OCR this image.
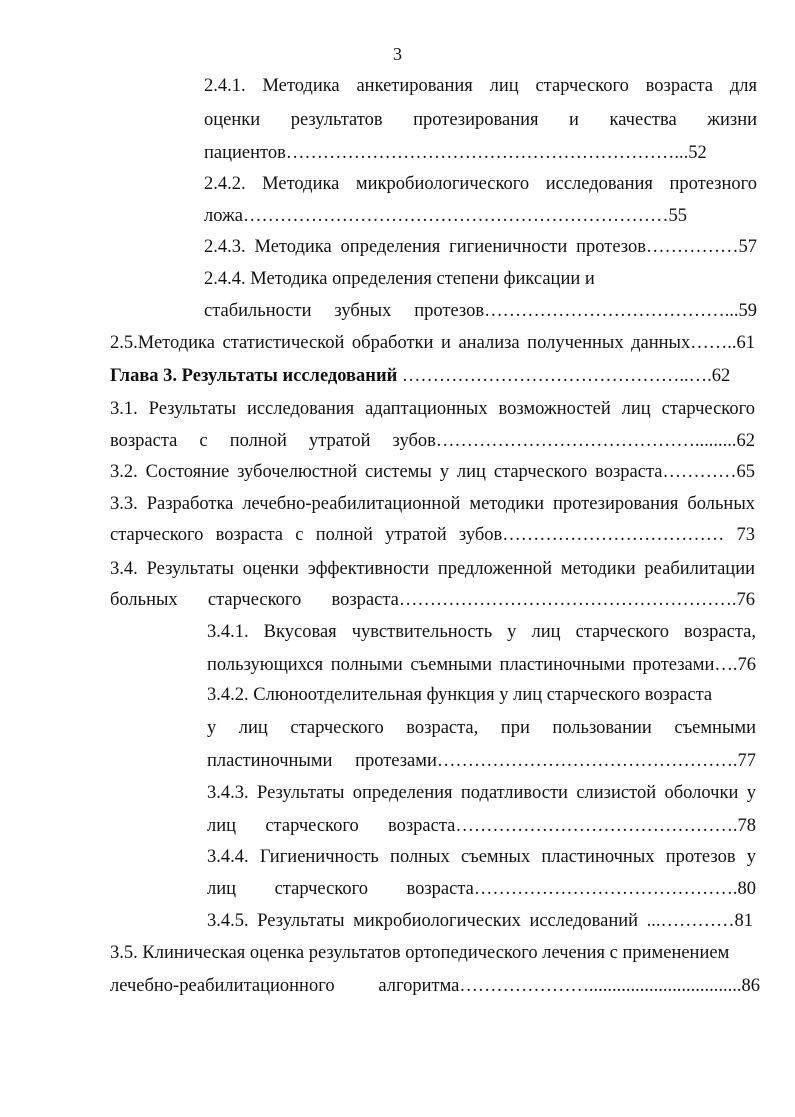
3
2.4.1. Методика анкетирования лиц старческого возраста для
оценки результатов протезирования и качества жизни
пациентов………………………………………………………...52
2.4.2. Методика микробиологического исследования протезного
ложа……………………………………………………………55
2.4.3. Методика определения гигиеничности протезов……………57
2.4.4. Методика определения степени фиксации и
стабильности зубных протезов…………………………………...59
2.5.Методика статистической обработки и анализа полученных данных……..61
Глава 3. Результаты исследований ………………………………………..….62
3.1. Результаты исследования адаптационных возможностей лиц старческого
возраста с полной утратой зубов…………………………………….........62
3.2. Состояние зубочелюстной системы у лиц старческого возраста…………65
3.3. Разработка лечебно-реабилитационной методики протезирования больных
старческого возраста с полной утратой зубов……………………………… 73
3.4. Результаты оценки эффективности предложенной методики реабилитации
больных старческого возраста……………………………………………….76
3.4.1. Вкусовая чувствительность у лиц старческого возраста,
пользующихся полными съемными пластиночными протезами….76
3.4.2. Слюноотделительная функция у лиц старческого возраста
у лиц старческого возраста, при пользовании съемными
пластиночными протезами………………………………………….77
3.4.3. Результаты определения податливости слизистой оболочки у
лиц старческого возраста……………………………………….78
3.4.4. Гигиеничность полных съемных пластиночных протезов у
лиц старческого возраста…………………………………….80
3.4.5. Результаты микробиологических исследований ...…………81
3.5. Клиническая оценка результатов ортопедического лечения с применением
лечебно-реабилитационного алгоритма………………….................................86
